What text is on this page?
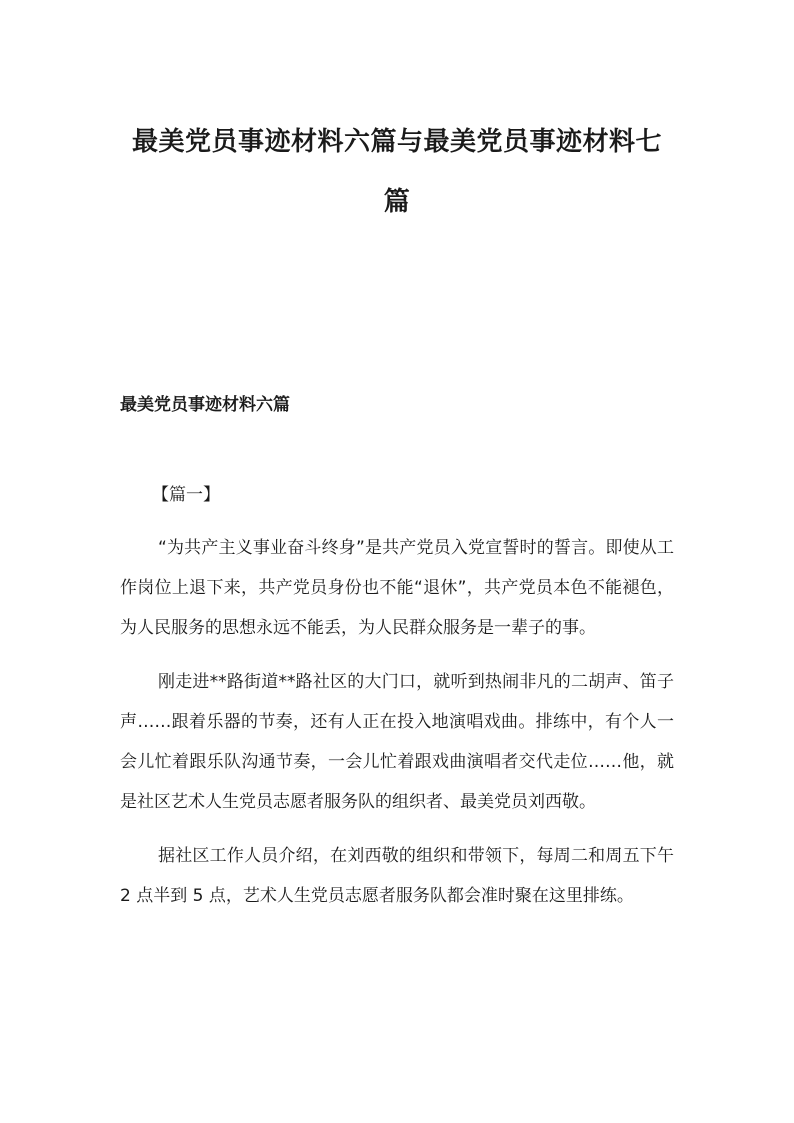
最美党员事迹材料六篇与最美党员事迹材料七篇
最美党员事迹材料六篇
【篇一】

“为共产主义事业奋斗终身”是共产党员入党宣誓时的誓言。即使从工作岗位上退下来，共产党员身份也不能“退休”，共产党员本色不能褪色，为人民服务的思想永远不能丢，为人民群众服务是一辈子的事。

刚走进**路街道**路社区的大门口，就听到热闹非凡的二胡声、笛子声……跟着乐器的节奏，还有人正在投入地演唱戏曲。排练中，有个人一会儿忙着跟乐队沟通节奏，一会儿忙着跟戏曲演唱者交代走位……他，就是社区艺术人生党员志愿者服务队的组织者、最美党员刘西敬。

据社区工作人员介绍，在刘西敬的组织和带领下，每周二和周五下午 2 点半到 5 点，艺术人生党员志愿者服务队都会准时聚在这里排练。
